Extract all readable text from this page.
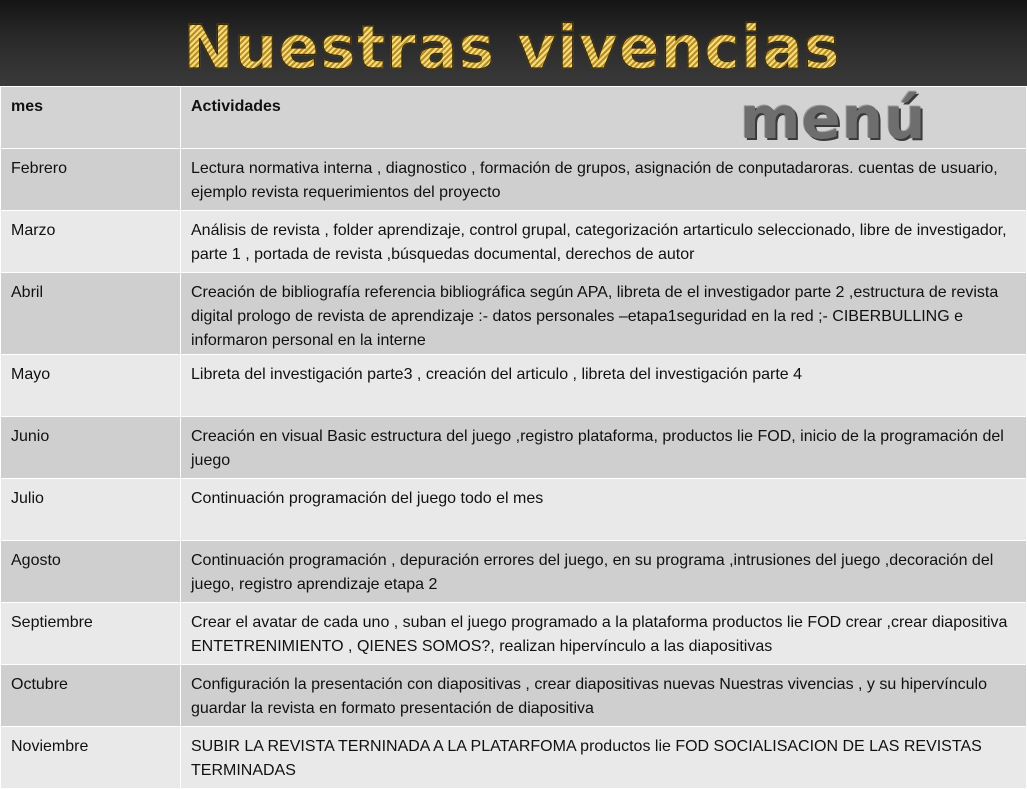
Nuestras vivencias
mes	Actividades
Febrero	Lectura normativa interna , diagnostico , formación de grupos, asignación de conputadaroras. cuentas de usuario, ejemplo revista requerimientos del proyecto
Marzo	Análisis de revista , folder aprendizaje, control grupal, categorización artarticulo seleccionado, libre de investigador, parte 1 , portada de revista ,búsquedas documental, derechos de autor
Abril	Creación de bibliografía referencia bibliográfica según APA, libreta de el investigador parte 2 ,estructura de revista digital prologo de revista de aprendizaje :- datos personales –etapa1seguridad en la red ;- CIBERBULLING e informaron personal en la interne
Mayo	Libreta del investigación parte3 , creación del articulo , libreta del investigación parte 4
Junio	Creación en visual Basic estructura del juego ,registro plataforma, productos lie FOD, inicio de la programación del juego
Julio	Continuación programación del juego todo el mes
Agosto	Continuación programación , depuración errores del juego, en su programa ,intrusiones del juego ,decoración del juego, registro aprendizaje etapa 2
Septiembre	Crear el avatar de cada uno , suban el juego programado a la plataforma productos lie FOD crear ,crear diapositiva ENTETRENIMIENTO , QIENES SOMOS?, realizan hipervínculo a las diapositivas
Octubre	Configuración la presentación con diapositivas , crear diapositivas nuevas Nuestras vivencias , y su hipervínculo guardar la revista en formato presentación de diapositiva
Noviembre	SUBIR LA REVISTA TERNINADA A LA PLATARFOMA productos lie FOD SOCIALISACION DE LAS REVISTAS TERMINADAS
menú
